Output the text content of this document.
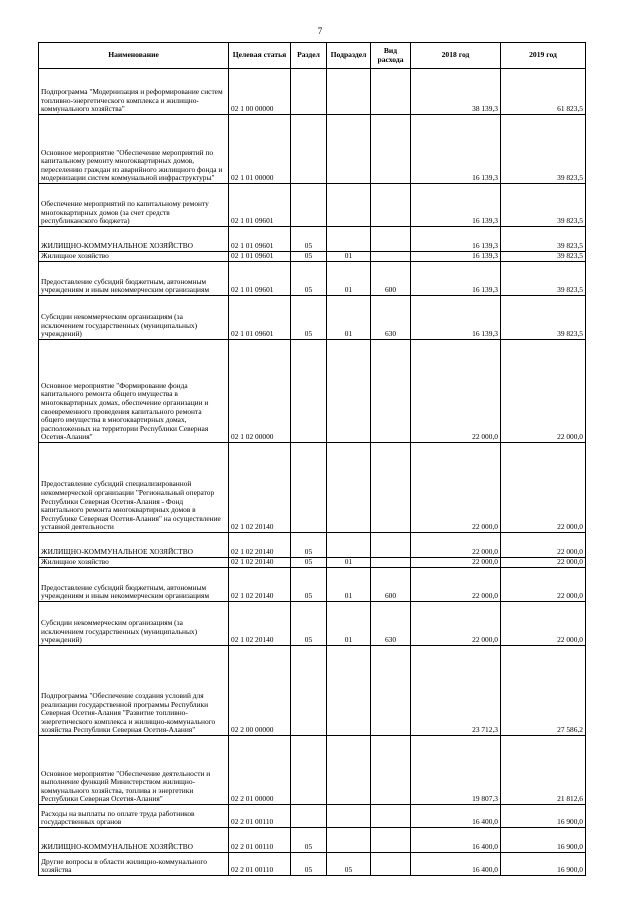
7
Наименование	Целевая статья	Раздел	Подраздел	Вид расхода	2018 год	2019 год
Подпрограмма "Модернизация и реформирование систем топливно-энергетического комплекса и жилищно-коммунального хозяйства"	02 1 00 00000				38 139,3	61 823,5
Основное мероприятие "Обеспечение мероприятий по капитальному ремонту многоквартирных домов, переселению граждан из аварийного жилищного фонда и модернизации систем коммунальной инфраструктуры"	02 1 01 00000				16 139,3	39 823,5
Обеспечение мероприятий по капитальному ремонту многоквартирных домов (за счет средств республиканского бюджета)	02 1 01 09601				16 139,3	39 823,5
ЖИЛИЩНО-КОММУНАЛЬНОЕ ХОЗЯЙСТВО	02 1 01 09601	05			16 139,3	39 823,5
Жилищное хозяйство	02 1 01 09601	05	01		16 139,3	39 823,5
Предоставление субсидий бюджетным, автономным учреждениям и иным некоммерческим организациям	02 1 01 09601	05	01	600	16 139,3	39 823,5
Субсидии некоммерческим организациям (за исключением государственных (муниципальных) учреждений)	02 1 01 09601	05	01	630	16 139,3	39 823,5
Основное мероприятие "Формирование фонда капитального ремонта общего имущества в многоквартирных домах, обеспечение организации и своевременного проведения капитального ремонта общего имущества в многоквартирных домах, расположенных на территории Республики Северная Осетия-Алания"	02 1 02 00000				22 000,0	22 000,0
Предоставление субсидий специализированной некоммерческой организации "Региональный оператор Республики Северная Осетия-Алания - Фонд капитального ремонта многоквартирных домов в Республике Северная Осетия-Алания" на осуществление уставной деятельности	02 1 02 20140				22 000,0	22 000,0
ЖИЛИЩНО-КОММУНАЛЬНОЕ ХОЗЯЙСТВО	02 1 02 20140	05			22 000,0	22 000,0
Жилищное хозяйство	02 1 02 20140	05	01		22 000,0	22 000,0
Предоставление субсидий бюджетным, автономным учреждениям и иным некоммерческим организациям	02 1 02 20140	05	01	600	22 000,0	22 000,0
Субсидии некоммерческим организациям (за исключением государственных (муниципальных) учреждений)	02 1 02 20140	05	01	630	22 000,0	22 000,0
Подпрограмма "Обеспечение создания условий для реализации государственной программы Республики Северная Осетия-Алания "Развитие топливно-энергетического комплекса и жилищно-коммунального хозяйства Республики Северная Осетия-Алания"	02 2 00 00000				23 712,3	27 586,2
Основное мероприятие "Обеспечение деятельности и выполнение функций Министерством жилищно-коммунального хозяйства, топлива и энергетики Республики Северная Осетия-Алания"	02 2 01 00000				19 807,3	21 812,6
Расходы на выплаты по оплате труда работников государственных органов	02 2 01 00110				16 400,0	16 900,0
ЖИЛИЩНО-КОММУНАЛЬНОЕ ХОЗЯЙСТВО	02 2 01 00110	05			16 400,0	16 900,0
Другие вопросы в области жилищно-коммунального хозяйства	02 2 01 00110	05	05		16 400,0	16 900,0
